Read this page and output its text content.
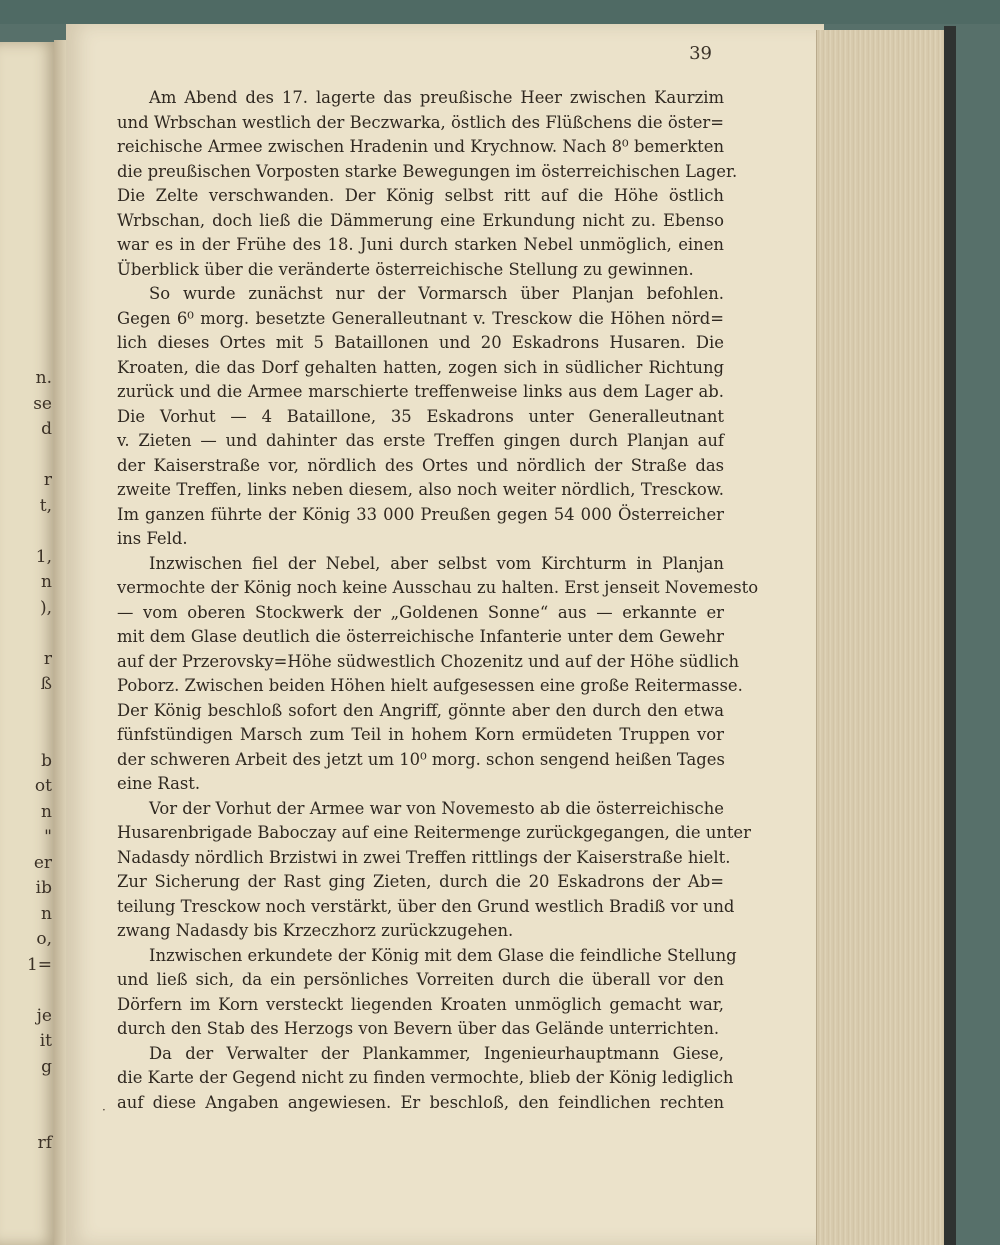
n.
se
d
r
t,
1,
n
),
r
ß
b
ot
n
"
er
ib
n
o,
1=
je
it
g
rf
39
Am Abend des 17. lagerte das preußische Heer zwischen Kaurzim
und Wrbschan westlich der Beczwarka, östlich des Flüßchens die öster=
reichische Armee zwischen Hradenin und Krychnow. Nach 8⁰ bemerkten
die preußischen Vorposten starke Bewegungen im österreichischen Lager.
Die Zelte verschwanden. Der König selbst ritt auf die Höhe östlich
Wrbschan, doch ließ die Dämmerung eine Erkundung nicht zu. Ebenso
war es in der Frühe des 18. Juni durch starken Nebel unmöglich, einen
Überblick über die veränderte österreichische Stellung zu gewinnen.
So wurde zunächst nur der Vormarsch über Planjan befohlen.
Gegen 6⁰ morg. besetzte Generalleutnant v. Tresckow die Höhen nörd=
lich dieses Ortes mit 5 Bataillonen und 20 Eskadrons Husaren. Die
Kroaten, die das Dorf gehalten hatten, zogen sich in südlicher Richtung
zurück und die Armee marschierte treffenweise links aus dem Lager ab.
Die Vorhut — 4 Bataillone, 35 Eskadrons unter Generalleutnant
v. Zieten — und dahinter das erste Treffen gingen durch Planjan auf
der Kaiserstraße vor, nördlich des Ortes und nördlich der Straße das
zweite Treffen, links neben diesem, also noch weiter nördlich, Tresckow.
Im ganzen führte der König 33 000 Preußen gegen 54 000 Österreicher
ins Feld.
Inzwischen fiel der Nebel, aber selbst vom Kirchturm in Planjan
vermochte der König noch keine Ausschau zu halten. Erst jenseit Novemesto
— vom oberen Stockwerk der „Goldenen Sonne“ aus — erkannte er
mit dem Glase deutlich die österreichische Infanterie unter dem Gewehr
auf der Przerovsky=Höhe südwestlich Chozenitz und auf der Höhe südlich
Poborz. Zwischen beiden Höhen hielt aufgesessen eine große Reitermasse.
Der König beschloß sofort den Angriff, gönnte aber den durch den etwa
fünfstündigen Marsch zum Teil in hohem Korn ermüdeten Truppen vor
der schweren Arbeit des jetzt um 10⁰ morg. schon sengend heißen Tages
eine Rast.
Vor der Vorhut der Armee war von Novemesto ab die österreichische
Husarenbrigade Baboczay auf eine Reitermenge zurückgegangen, die unter
Nadasdy nördlich Brzistwi in zwei Treffen rittlings der Kaiserstraße hielt.
Zur Sicherung der Rast ging Zieten, durch die 20 Eskadrons der Ab=
teilung Tresckow noch verstärkt, über den Grund westlich Bradiß vor und
zwang Nadasdy bis Krzeczhorz zurückzugehen.
Inzwischen erkundete der König mit dem Glase die feindliche Stellung
und ließ sich, da ein persönliches Vorreiten durch die überall vor den
Dörfern im Korn versteckt liegenden Kroaten unmöglich gemacht war,
durch den Stab des Herzogs von Bevern über das Gelände unterrichten.
Da der Verwalter der Plankammer, Ingenieurhauptmann Giese,
die Karte der Gegend nicht zu finden vermochte, blieb der König lediglich
auf diese Angaben angewiesen. Er beschloß, den feindlichen rechten
·
